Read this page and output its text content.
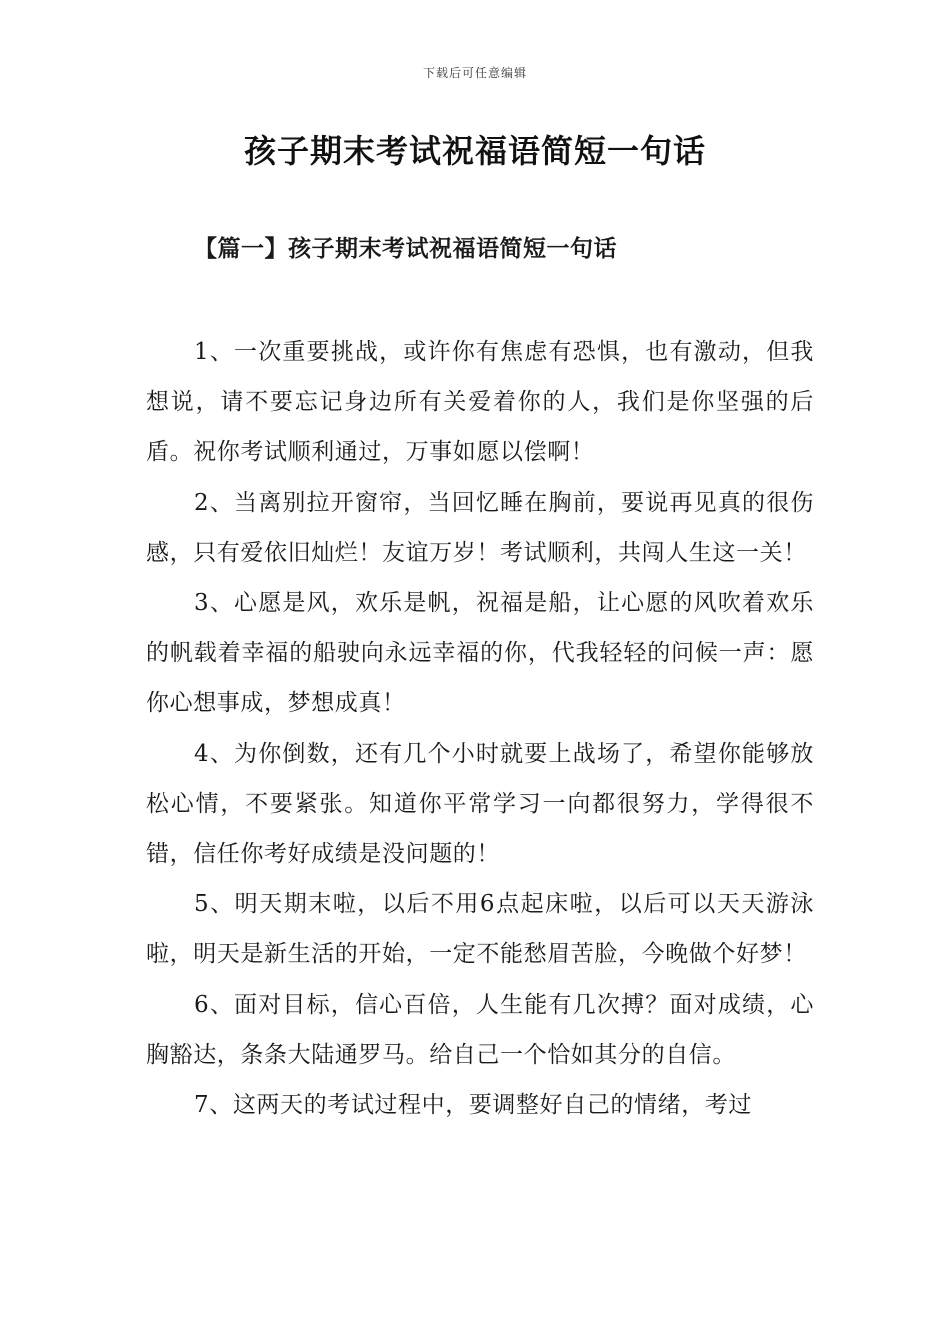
下载后可任意编辑
孩子期末考试祝福语简短一句话
【篇一】孩子期末考试祝福语简短一句话

1、一次重要挑战，或许你有焦虑有恐惧，也有激动，但我想说，请不要忘记身边所有关爱着你的人，我们是你坚强的后盾。祝你考试顺利通过，万事如愿以偿啊！

2、当离别拉开窗帘，当回忆睡在胸前，要说再见真的很伤感，只有爱依旧灿烂！友谊万岁！考试顺利，共闯人生这一关！

3、心愿是风，欢乐是帆，祝福是船，让心愿的风吹着欢乐的帆载着幸福的船驶向永远幸福的你，代我轻轻的问候一声：愿你心想事成，梦想成真！

4、为你倒数，还有几个小时就要上战场了，希望你能够放松心情，不要紧张。知道你平常学习一向都很努力，学得很不错，信任你考好成绩是没问题的！

5、明天期末啦，以后不用6点起床啦，以后可以天天游泳啦，明天是新生活的开始，一定不能愁眉苦脸，今晚做个好梦！

6、面对目标，信心百倍，人生能有几次搏？面对成绩，心胸豁达，条条大陆通罗马。给自己一个恰如其分的自信。

7、这两天的考试过程中，要调整好自己的情绪，考过
